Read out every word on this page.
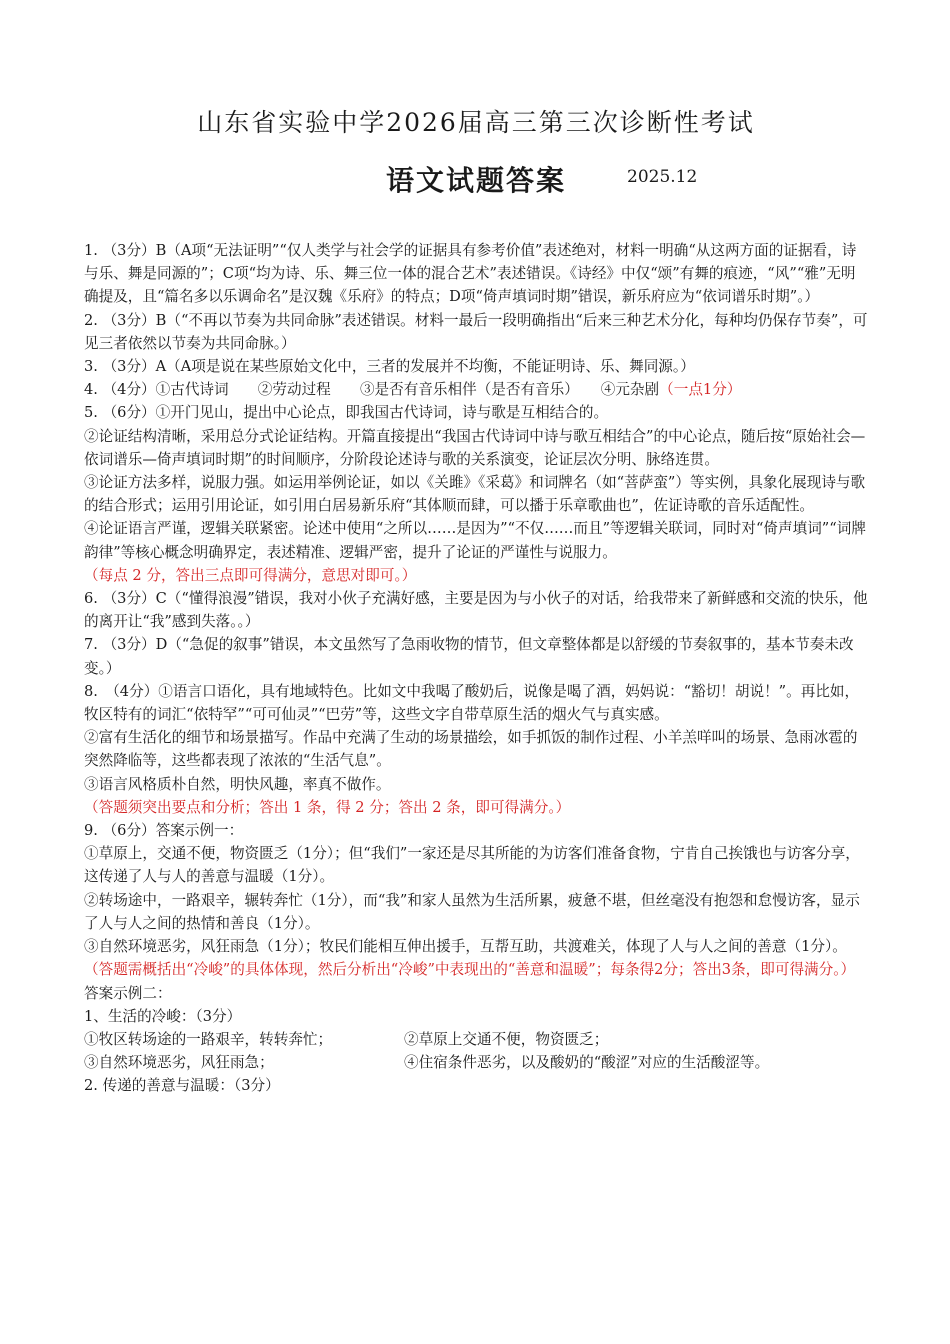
山东省实验中学2026届高三第三次诊断性考试
语文试题答案	2025.12

1. （3分）B（A项“无法证明”“仅人类学与社会学的证据具有参考价值”表述绝对，材料一明确“从这两方面的证据看，诗与乐、舞是同源的”；C项“均为诗、乐、舞三位一体的混合艺术”表述错误。《诗经》中仅“颂”有舞的痕迹，“风”“雅”无明确提及，且“篇名多以乐调命名”是汉魏《乐府》的特点；D项“倚声填词时期”错误，新乐府应为“依词谱乐时期”。）

2. （3分）B（“不再以节奏为共同命脉”表述错误。材料一最后一段明确指出“后来三种艺术分化，每种均仍保存节奏”，可见三者依然以节奏为共同命脉。）

3. （3分）A（A项是说在某些原始文化中，三者的发展并不均衡，不能证明诗、乐、舞同源。）

4. （4分）①古代诗词　　②劳动过程　　③是否有音乐相伴（是否有音乐）　　④元杂剧（一点1分）

5. （6分）①开门见山，提出中心论点，即我国古代诗词，诗与歌是互相结合的。

②论证结构清晰，采用总分式论证结构。开篇直接提出“我国古代诗词中诗与歌互相结合”的中心论点，随后按“原始社会—依词谱乐—倚声填词时期”的时间顺序，分阶段论述诗与歌的关系演变，论证层次分明、脉络连贯。

③论证方法多样，说服力强。如运用举例论证，如以《关雎》《采葛》和词牌名（如“菩萨蛮”）等实例，具象化展现诗与歌的结合形式；运用引用论证，如引用白居易新乐府“其体顺而肆，可以播于乐章歌曲也”，佐证诗歌的音乐适配性。

④论证语言严谨，逻辑关联紧密。论述中使用“之所以……是因为”“不仅……而且”等逻辑关联词，同时对“倚声填词”“词牌韵律”等核心概念明确界定，表述精准、逻辑严密，提升了论证的严谨性与说服力。

（每点 2 分，答出三点即可得满分，意思对即可。）

6. （3分）C（“懂得浪漫”错误，我对小伙子充满好感，主要是因为与小伙子的对话，给我带来了新鲜感和交流的快乐，他的离开让“我”感到失落。。）

7. （3分）D（“急促的叙事”错误，本文虽然写了急雨收物的情节，但文章整体都是以舒缓的节奏叙事的，基本节奏未改变。）

8.　（4分）①语言口语化，具有地域特色。比如文中我喝了酸奶后，说像是喝了酒，妈妈说：“豁切！胡说！”。再比如，牧区特有的词汇“依特罕”“可可仙灵”“巴劳”等，这些文字自带草原生活的烟火气与真实感。

②富有生活化的细节和场景描写。作品中充满了生动的场景描绘，如手抓饭的制作过程、小羊羔咩叫的场景、急雨冰雹的突然降临等，这些都表现了浓浓的“生活气息”。

③语言风格质朴自然，明快风趣，率真不做作。

（答题须突出要点和分析；答出 1 条，得 2 分；答出 2 条，即可得满分。）

9. （6分）答案示例一：

①草原上，交通不便，物资匮乏（1分）；但“我们”一家还是尽其所能的为访客们准备食物，宁肯自己挨饿也与访客分享，这传递了人与人的善意与温暖（1分）。

②转场途中，一路艰辛，辗转奔忙（1分），而“我”和家人虽然为生活所累，疲惫不堪，但丝毫没有抱怨和怠慢访客，显示了人与人之间的热情和善良（1分）。

③自然环境恶劣，风狂雨急（1分）；牧民们能相互伸出援手，互帮互助，共渡难关，体现了人与人之间的善意（1分）。

（答题需概括出“冷峻”的具体体现，然后分析出“冷峻”中表现出的“善意和温暖”；每条得2分；答出3条，即可得满分。）

答案示例二：

1、生活的冷峻：（3分）

①牧区转场途的一路艰辛，转转奔忙；	②草原上交通不便，物资匮乏；
③自然环境恶劣，风狂雨急；	④住宿条件恶劣，以及酸奶的“酸涩”对应的生活酸涩等。

2. 传递的善意与温暖：（3分）
